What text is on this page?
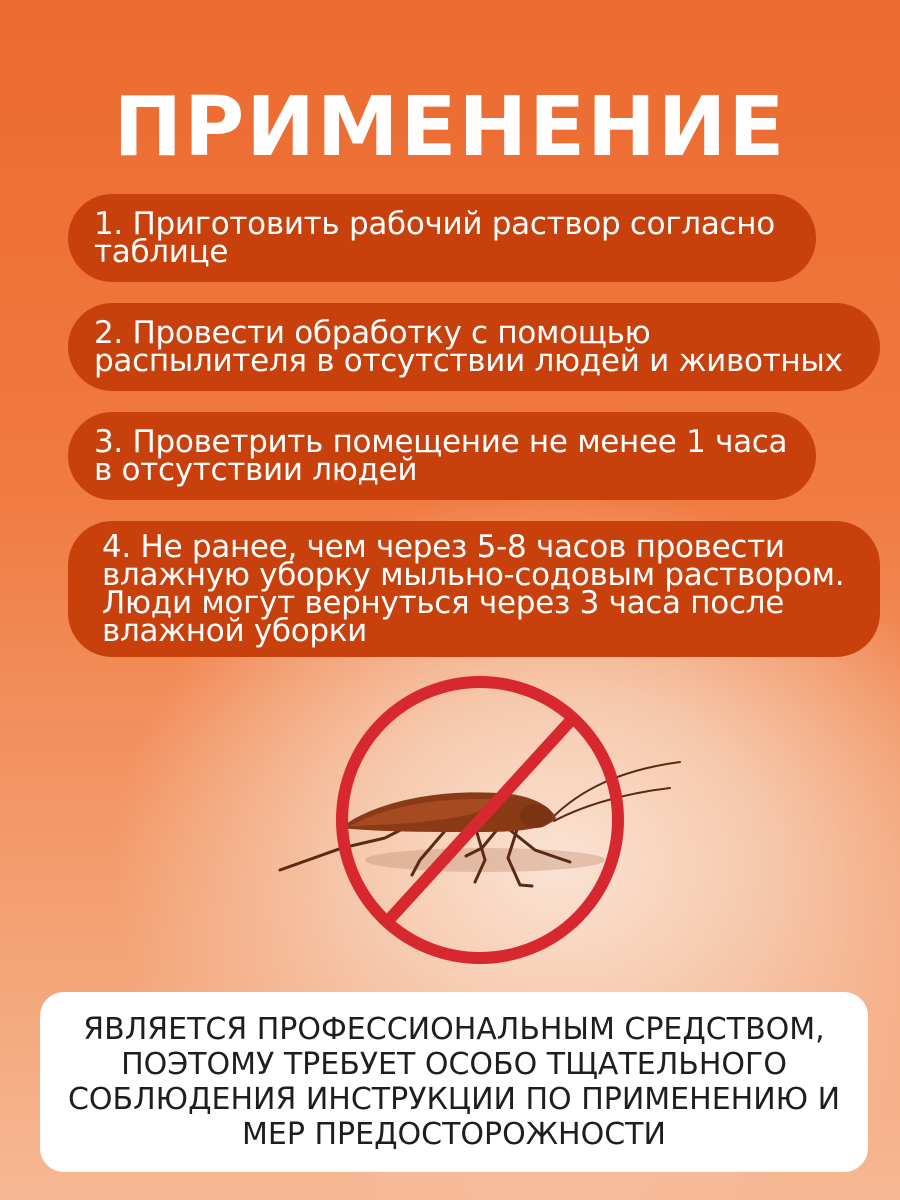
ПРИМЕНЕНИЕ
1. Приготовить рабочий раствор согласно таблице
2. Провести обработку с помощью распылителя в отсутствии людей и животных
3. Проветрить помещение не менее 1 часа в отсутствии людей
4. Не ранее, чем через 5-8 часов провести влажную уборку мыльно-содовым раствором. Люди могут вернуться через 3 часа после влажной уборки
ЯВЛЯЕТСЯ ПРОФЕССИОНАЛЬНЫМ СРЕДСТВОМ, ПОЭТОМУ ТРЕБУЕТ ОСОБО ТЩАТЕЛЬНОГО СОБЛЮДЕНИЯ ИНСТРУКЦИИ ПО ПРИМЕНЕНИЮ И МЕР ПРЕДОСТОРОЖНОСТИ
